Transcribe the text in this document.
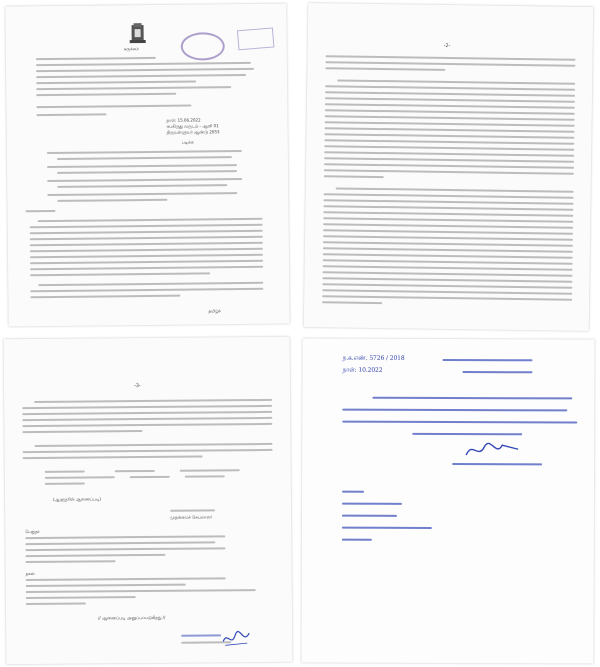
சுருக்கம்
நாள்: 15.06.2022
சுபகிருது வருடம் - ஆனி 01
திருவள்ளுவர் ஆண்டு 2053
படிக்க:
தமிழ்ச்
-2-
-3-
(ஆளுநரின் ஆணைப்படி)
முதன்மைச் செயலாளர்
பெறுநர்
நகல்:
// ஆணைப்படி அனுப்பப்படுகிறது //
ந.க.எண். 5726 / 2018
நாள்: 10.2022
